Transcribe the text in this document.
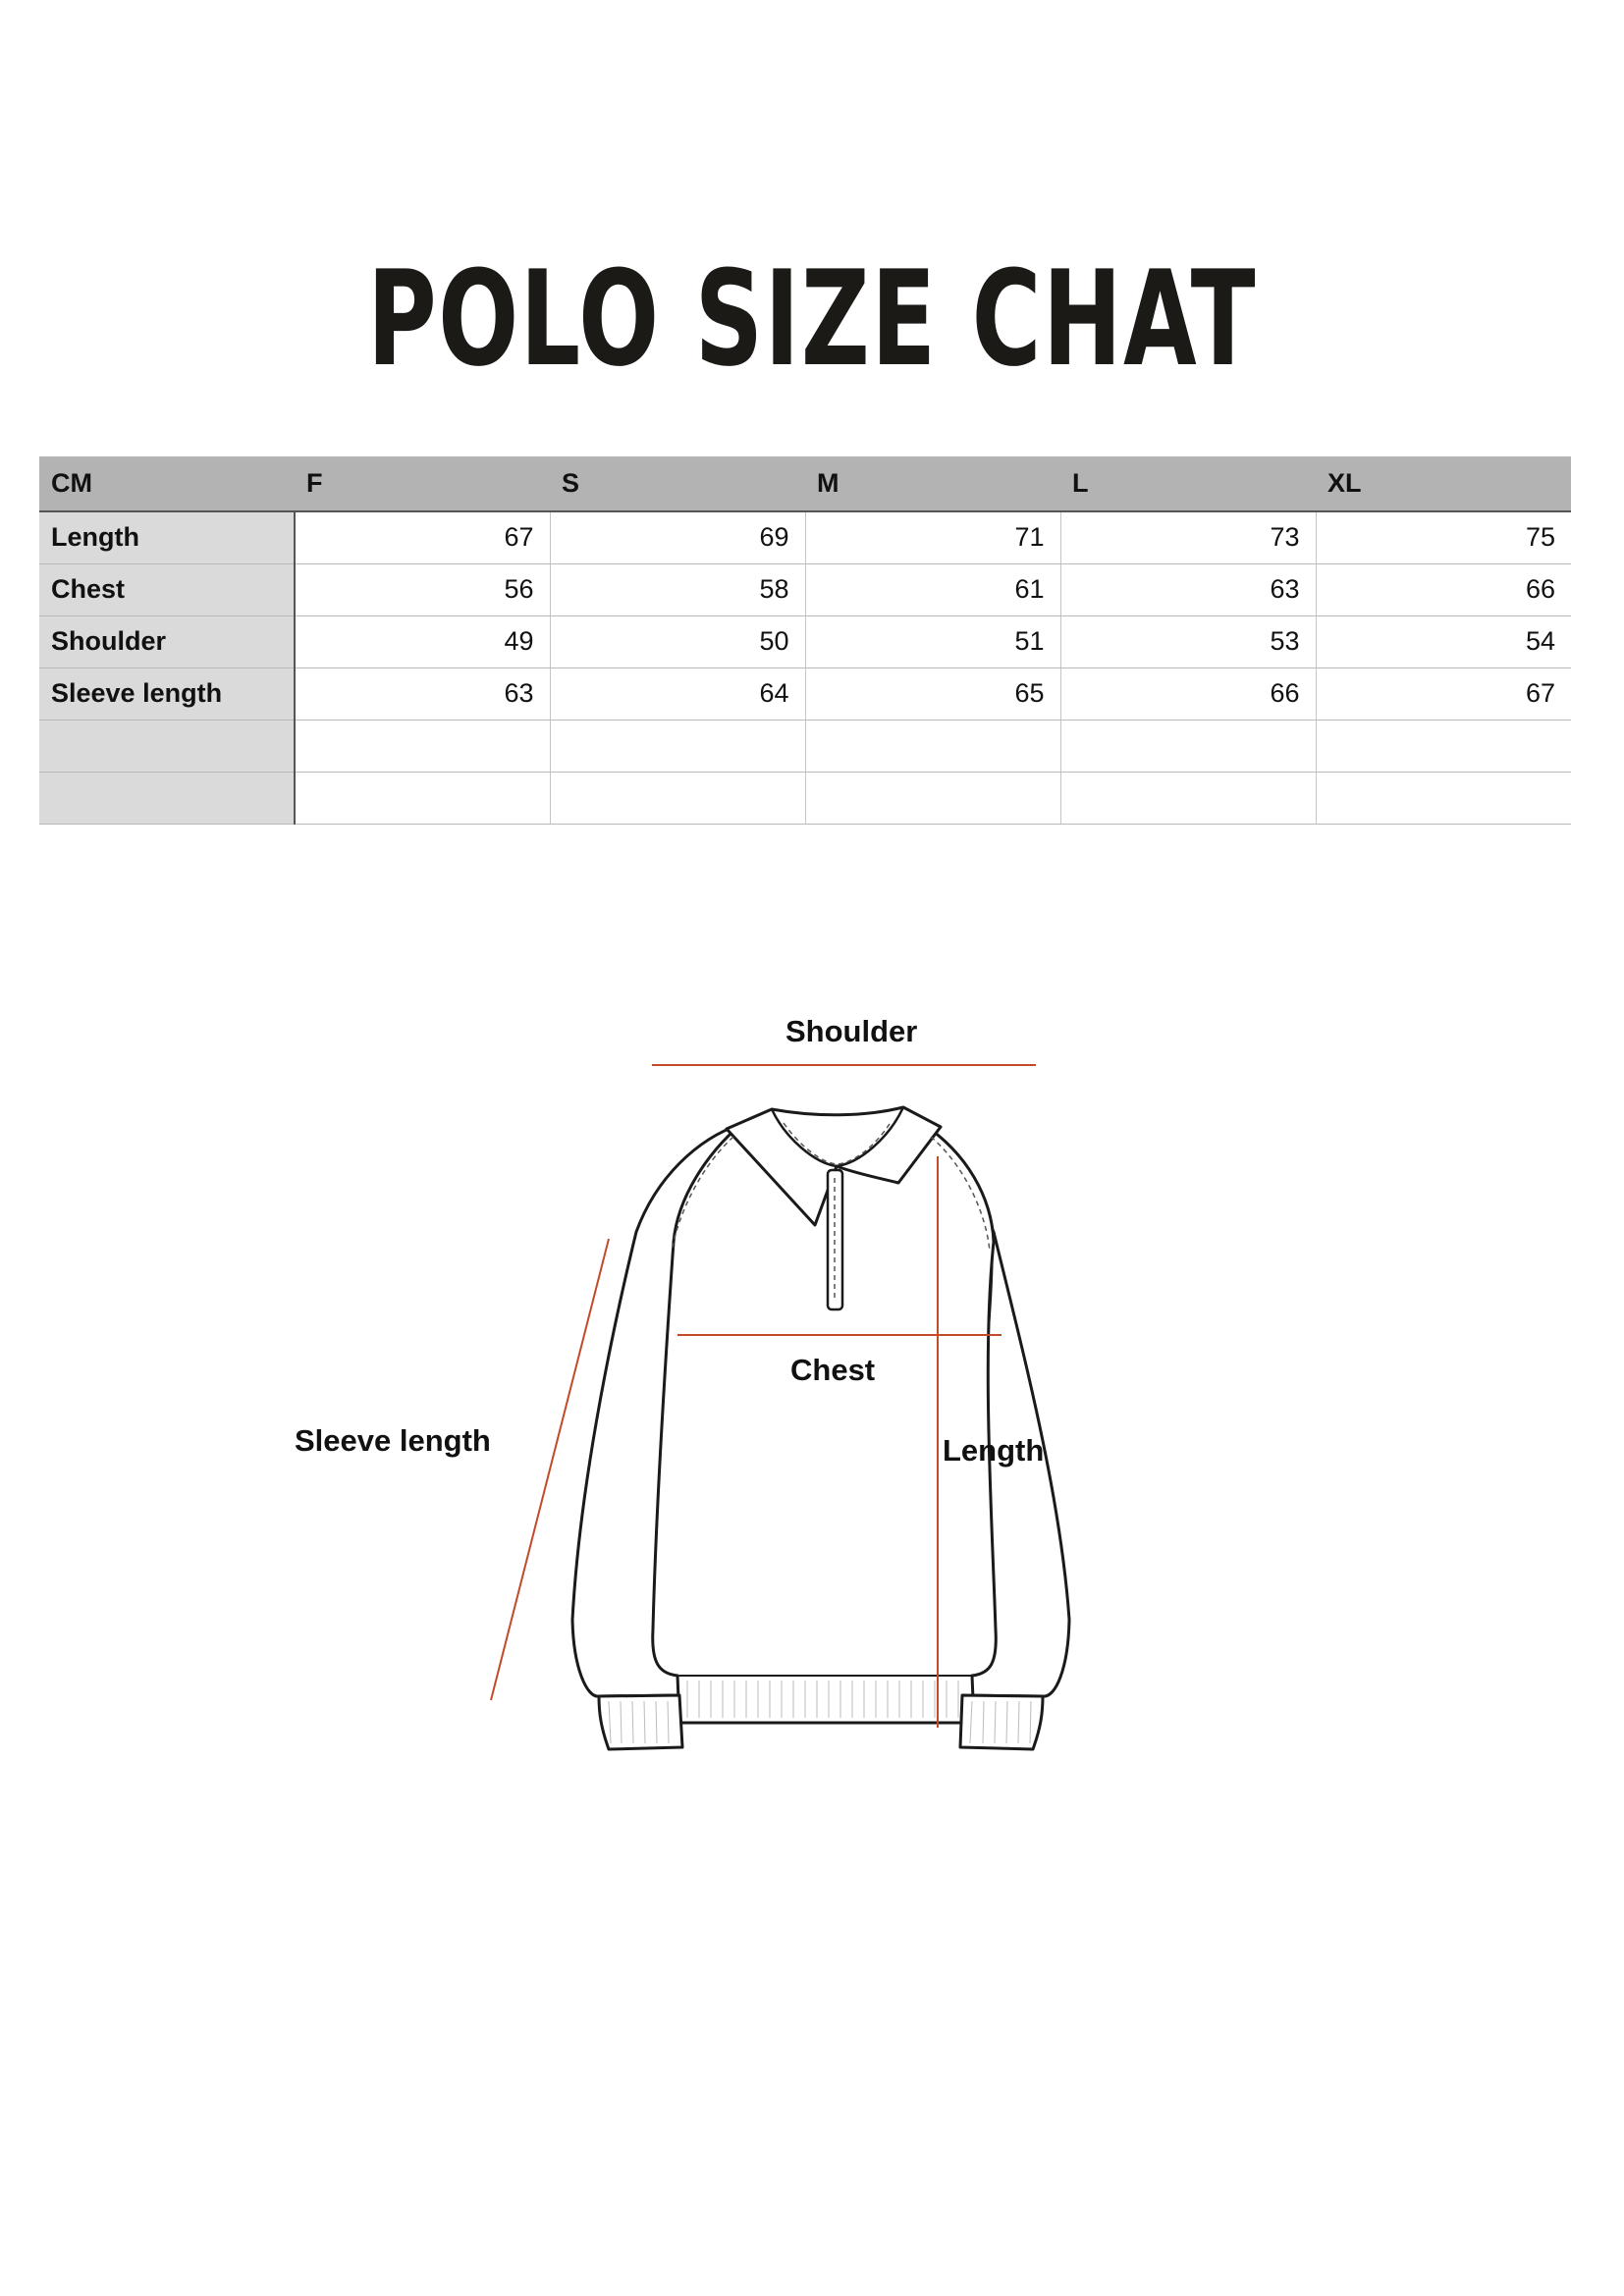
POLO SIZE CHAT
CM	F	S	M	L	XL
Length	67	69	71	73	75
Chest	56	58	61	63	66
Shoulder	49	50	51	53	54
Sleeve length	63	64	65	66	67

Shoulder
Chest
Length
Sleeve length
